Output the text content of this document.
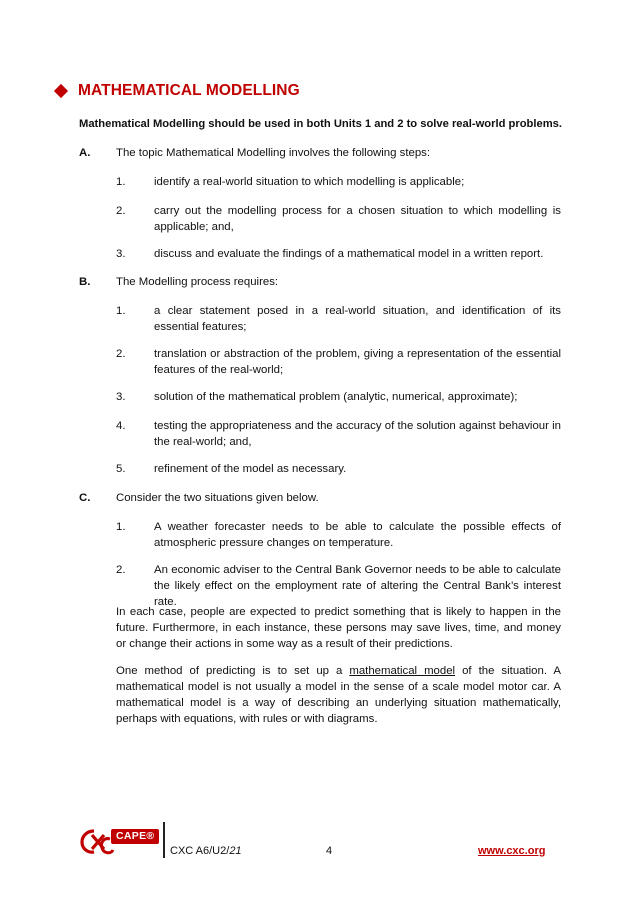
MATHEMATICAL MODELLING
Mathematical Modelling should be used in both Units 1 and 2 to solve real-world problems.
A. The topic Mathematical Modelling involves the following steps:
1.	identify a real-world situation to which modelling is applicable;
2.	carry out the modelling process for a chosen situation to which modelling is applicable; and,
3.	discuss and evaluate the findings of a mathematical model in a written report.
B. The Modelling process requires:
1.	a clear statement posed in a real-world situation, and identification of its essential features;
2.	translation or abstraction of the problem, giving a representation of the essential features of the real-world;
3.	solution of the mathematical problem (analytic, numerical, approximate);
4.	testing the appropriateness and the accuracy of the solution against behaviour in the real-world; and,
5.	refinement of the model as necessary.
C. Consider the two situations given below.
1.	A weather forecaster needs to be able to calculate the possible effects of atmospheric pressure changes on temperature.
2.	An economic adviser to the Central Bank Governor needs to be able to calculate the likely effect on the employment rate of altering the Central Bank’s interest rate.
In each case, people are expected to predict something that is likely to happen in the future. Furthermore, in each instance, these persons may save lives, time, and money or change their actions in some way as a result of their predictions.
One method of predicting is to set up a mathematical model of the situation. A mathematical model is not usually a model in the sense of a scale model motor car. A mathematical model is a way of describing an underlying situation mathematically, perhaps with equations, with rules or with diagrams.
CAPE®
CXC A6/U2/21	4	www.cxc.org
